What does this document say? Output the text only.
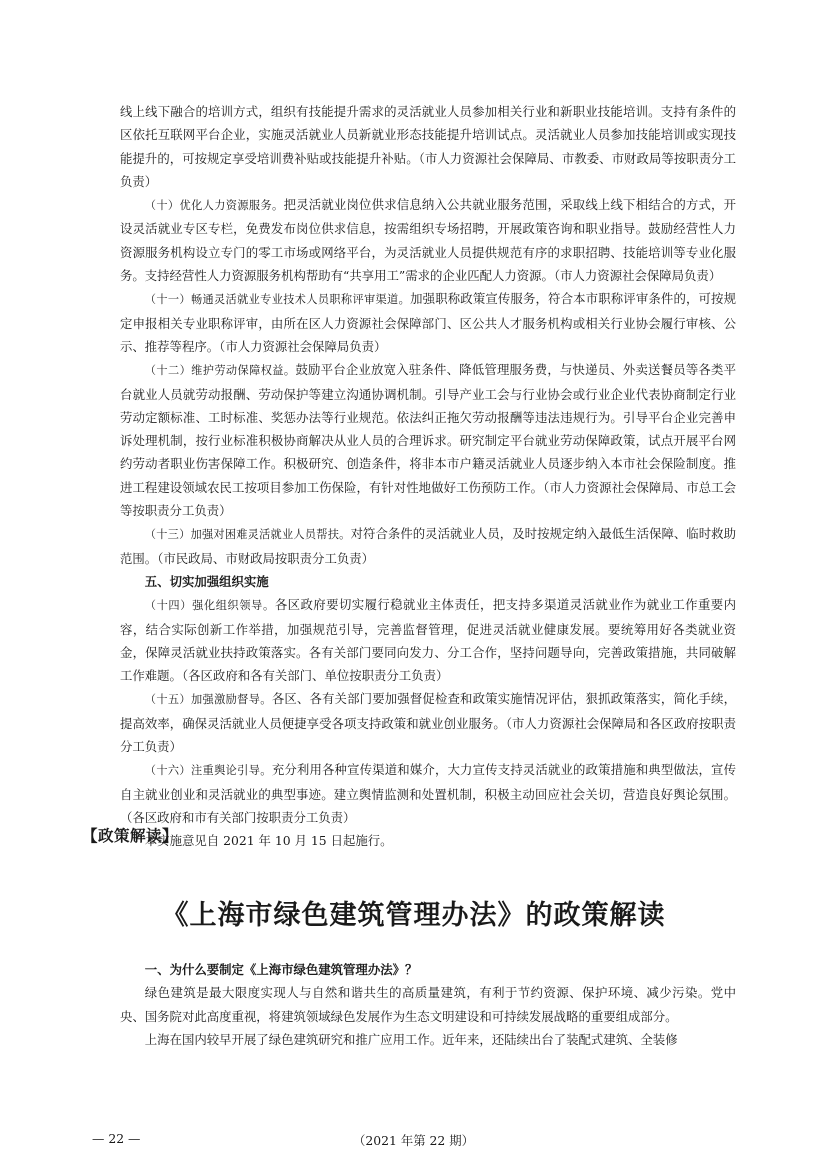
线上线下融合的培训方式，组织有技能提升需求的灵活就业人员参加相关行业和新职业技能培训。支持有条件的区依托互联网平台企业，实施灵活就业人员新就业形态技能提升培训试点。灵活就业人员参加技能培训或实现技能提升的，可按规定享受培训费补贴或技能提升补贴。（市人力资源社会保障局、市教委、市财政局等按职责分工负责）

（十）优化人力资源服务。把灵活就业岗位供求信息纳入公共就业服务范围，采取线上线下相结合的方式，开设灵活就业专区专栏，免费发布岗位供求信息，按需组织专场招聘，开展政策咨询和职业指导。鼓励经营性人力资源服务机构设立专门的零工市场或网络平台，为灵活就业人员提供规范有序的求职招聘、技能培训等专业化服务。支持经营性人力资源服务机构帮助有“共享用工”需求的企业匹配人力资源。（市人力资源社会保障局负责）

（十一）畅通灵活就业专业技术人员职称评审渠道。加强职称政策宣传服务，符合本市职称评审条件的，可按规定申报相关专业职称评审，由所在区人力资源社会保障部门、区公共人才服务机构或相关行业协会履行审核、公示、推荐等程序。（市人力资源社会保障局负责）

（十二）维护劳动保障权益。鼓励平台企业放宽入驻条件、降低管理服务费，与快递员、外卖送餐员等各类平台就业人员就劳动报酬、劳动保护等建立沟通协调机制。引导产业工会与行业协会或行业企业代表协商制定行业劳动定额标准、工时标准、奖惩办法等行业规范。依法纠正拖欠劳动报酬等违法违规行为。引导平台企业完善申诉处理机制，按行业标准积极协商解决从业人员的合理诉求。研究制定平台就业劳动保障政策，试点开展平台网约劳动者职业伤害保障工作。积极研究、创造条件，将非本市户籍灵活就业人员逐步纳入本市社会保险制度。推进工程建设领域农民工按项目参加工伤保险，有针对性地做好工伤预防工作。（市人力资源社会保障局、市总工会等按职责分工负责）

（十三）加强对困难灵活就业人员帮扶。对符合条件的灵活就业人员，及时按规定纳入最低生活保障、临时救助范围。（市民政局、市财政局按职责分工负责）

五、切实加强组织实施

（十四）强化组织领导。各区政府要切实履行稳就业主体责任，把支持多渠道灵活就业作为就业工作重要内容，结合实际创新工作举措，加强规范引导，完善监督管理，促进灵活就业健康发展。要统筹用好各类就业资金，保障灵活就业扶持政策落实。各有关部门要同向发力、分工合作，坚持问题导向，完善政策措施，共同破解工作难题。（各区政府和各有关部门、单位按职责分工负责）

（十五）加强激励督导。各区、各有关部门要加强督促检查和政策实施情况评估，狠抓政策落实，简化手续，提高效率，确保灵活就业人员便捷享受各项支持政策和就业创业服务。（市人力资源社会保障局和各区政府按职责分工负责）

（十六）注重舆论引导。充分利用各种宣传渠道和媒介，大力宣传支持灵活就业的政策措施和典型做法，宣传自主就业创业和灵活就业的典型事迹。建立舆情监测和处置机制，积极主动回应社会关切，营造良好舆论氛围。（各区政府和市有关部门按职责分工负责）

本实施意见自 2021 年 10 月 15 日起施行。

【政策解读】
《上海市绿色建筑管理办法》的政策解读

一、为什么要制定《上海市绿色建筑管理办法》？

绿色建筑是最大限度实现人与自然和谐共生的高质量建筑，有利于节约资源、保护环境、减少污染。党中央、国务院对此高度重视，将建筑领域绿色发展作为生态文明建设和可持续发展战略的重要组成部分。

上海在国内较早开展了绿色建筑研究和推广应用工作。近年来，还陆续出台了装配式建筑、全装修

— 22 —	（2021 年第 22 期）
